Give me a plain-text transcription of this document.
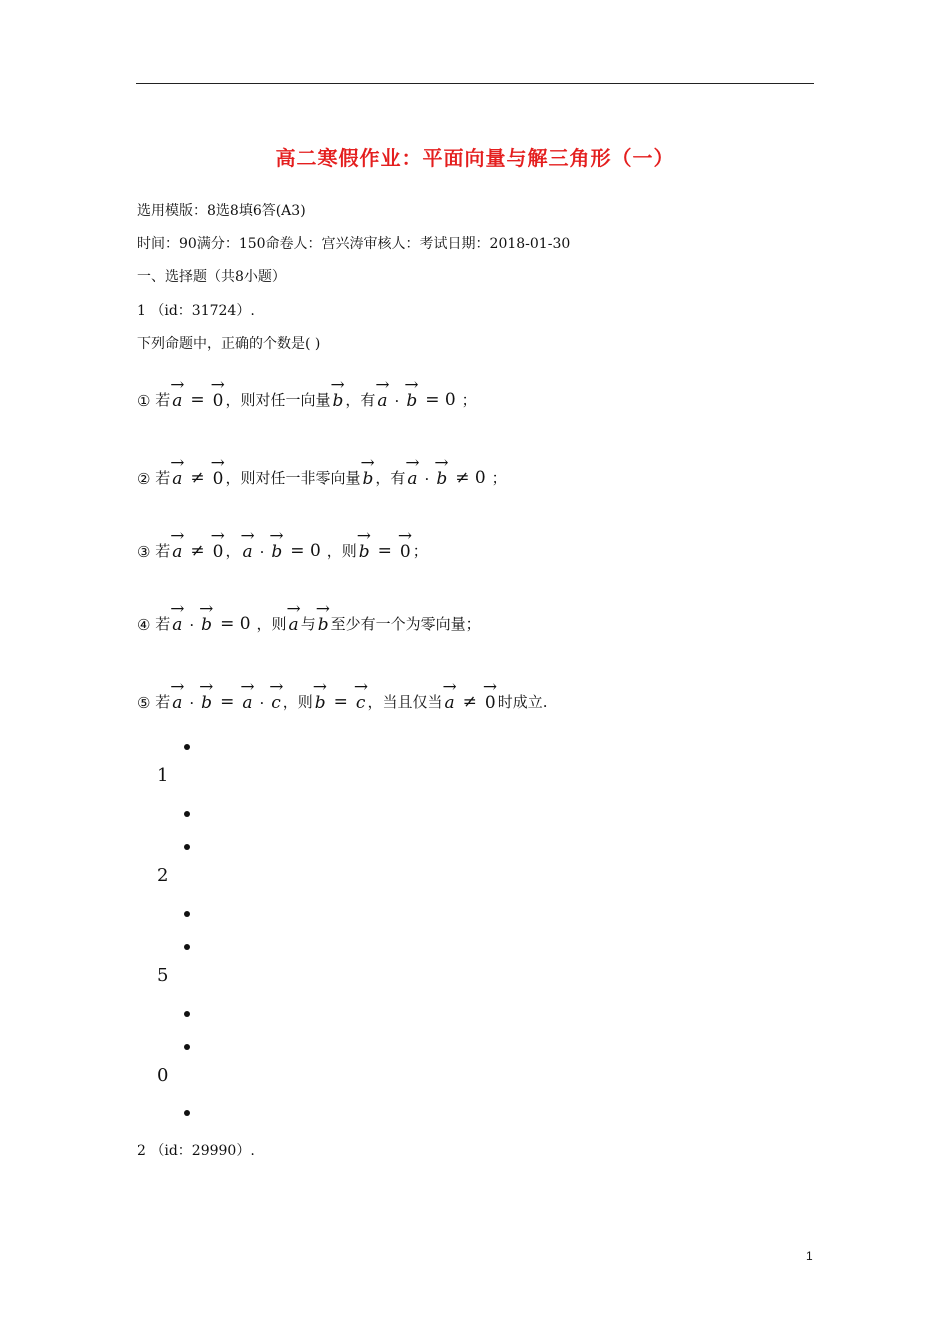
高二寒假作业：平面向量与解三角形（一）
选用模版：8选8填6答(A3)
时间：90满分：150命卷人：宫兴涛审核人：考试日期：2018-01-30
一、选择题（共8小题）
1 （id：31724）.
下列命题中，正确的个数是( )
①
若
→
a =
→
0 ，则对任一向量
→
b ，有
→
a ·
→
b = 0 ；
②
若
→
a ≠
→
0 ，则对任一非零向量
→
b ，有
→
a ·
→
b ≠ 0 ；
③
若
→
a ≠
→
0 ，
→
a ·
→
b = 0 ，则
→
b =
→
0 ；
④
若
→
a ·
→
b = 0 ，则
→
a 与
→
b 至少有一个为零向量；
⑤
若
→
a ·
→
b =
→
a ·
→
c ，则
→
b =
→
c ，当且仅当
→
a ≠
→
0 时成立.
1
2
5
0
2 （id：29990）.
1
